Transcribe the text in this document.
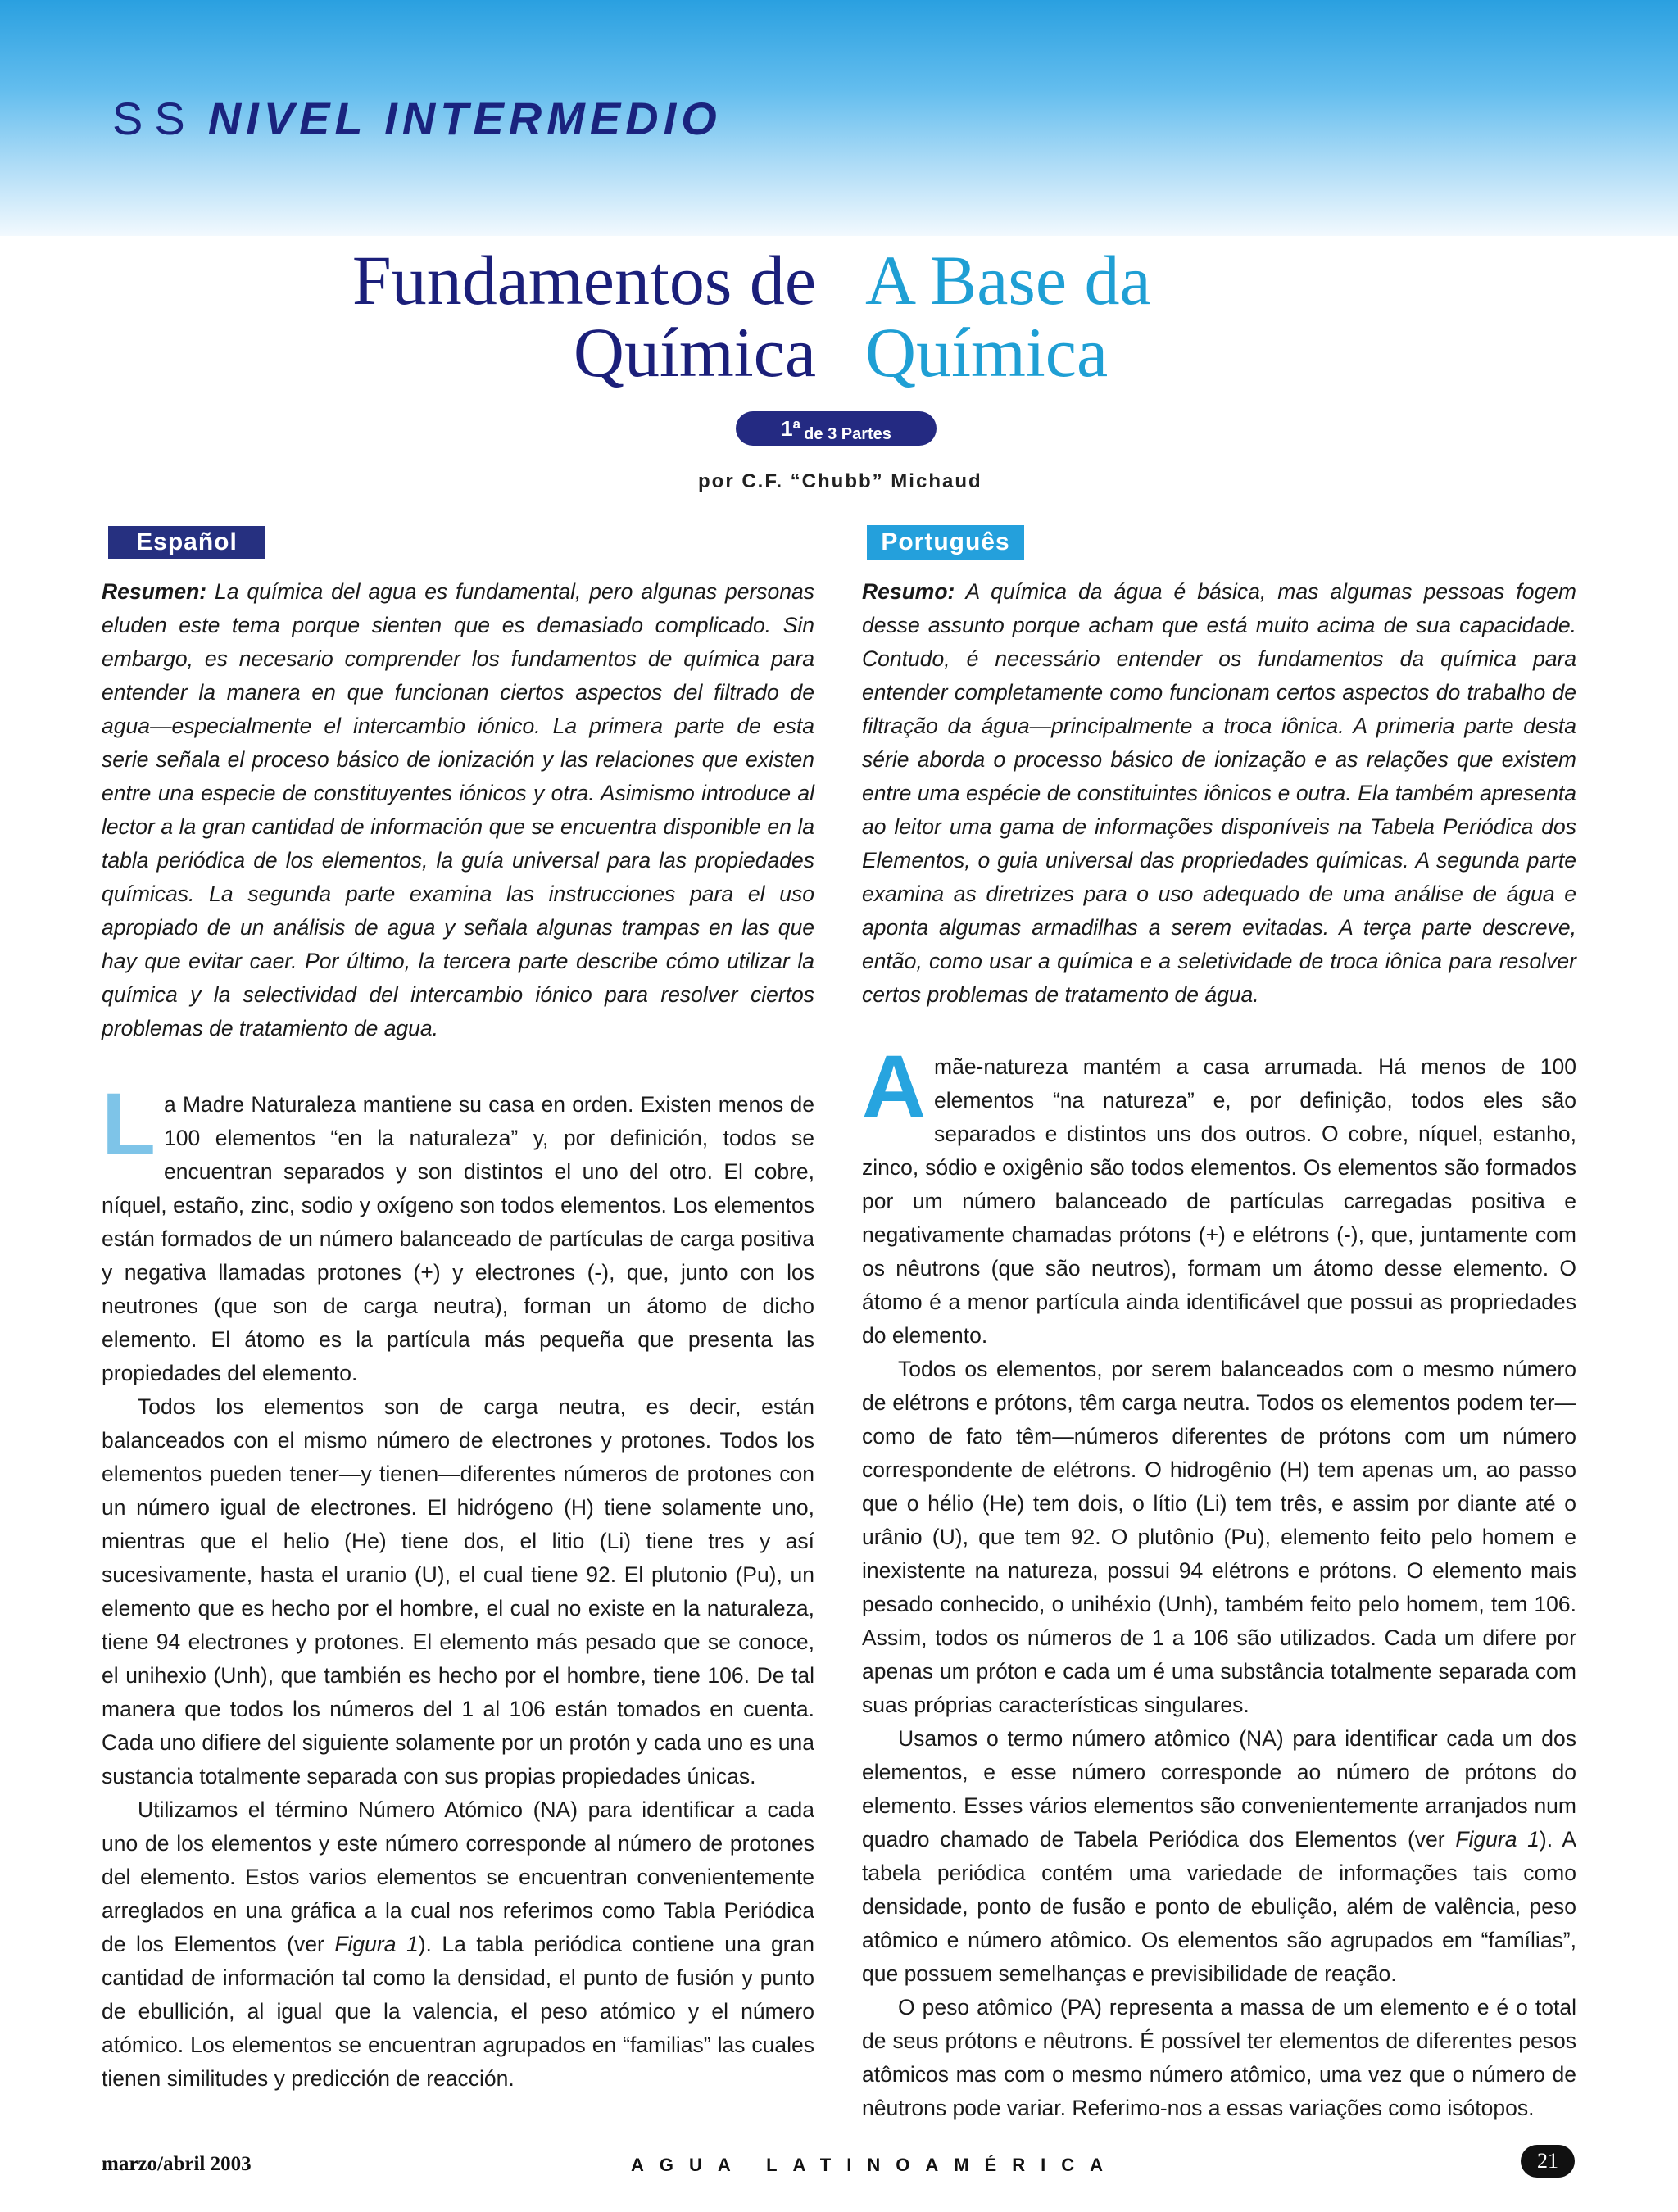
SS NIVEL INTERMEDIO
Fundamentos de
Química
A Base da
Química
1ª de 3 Partes
por C.F. “Chubb” Michaud
Español	Português

Resumen: La química del agua es fundamental, pero algunas personas eluden este tema porque sienten que es demasiado complicado. Sin embargo, es necesario comprender los fundamentos de química para entender la manera en que funcionan ciertos aspectos del filtrado de agua—especialmente el intercambio iónico. La primera parte de esta serie señala el proceso básico de ionización y las relaciones que existen entre una especie de constituyentes iónicos y otra. Asimismo introduce al lector a la gran cantidad de información que se encuentra disponible en la tabla periódica de los elementos, la guía universal para las propiedades químicas. La segunda parte examina las instrucciones para el uso apropiado de un análisis de agua y señala algunas trampas en las que hay que evitar caer. Por último, la tercera parte describe cómo utilizar la química y la selectividad del intercambio iónico para resolver ciertos problemas de tratamiento de agua.

Resumo: A química da água é básica, mas algumas pessoas fogem desse assunto porque acham que está muito acima de sua capacidade. Contudo, é necessário entender os fundamentos da química para entender completamente como funcionam certos aspectos do trabalho de filtração da água—principalmente a troca iônica. A primeria parte desta série aborda o processo básico de ionização e as relações que existem entre uma espécie de constituintes iônicos e outra. Ela também apresenta ao leitor uma gama de informações disponíveis na Tabela Periódica dos Elementos, o guia universal das propriedades químicas. A segunda parte examina as diretrizes para o uso adequado de uma análise de água e aponta algumas armadilhas a serem evitadas. A terça parte descreve, então, como usar a química e a seletividade de troca iônica para resolver certos problemas de tratamento de água.

La Madre Naturaleza mantiene su casa en orden. Existen menos de 100 elementos “en la naturaleza” y, por definición, todos se encuentran separados y son distintos el uno del otro. El cobre, níquel, estaño, zinc, sodio y oxígeno son todos elementos. Los elementos están formados de un número balanceado de partículas de carga positiva y negativa llamadas protones (+) y electrones (-), que, junto con los neutrones (que son de carga neutra), forman un átomo de dicho elemento. El átomo es la partícula más pequeña que presenta las propiedades del elemento.

Todos los elementos son de carga neutra, es decir, están balanceados con el mismo número de electrones y protones. Todos los elementos pueden tener—y tienen—diferentes números de protones con un número igual de electrones. El hidrógeno (H) tiene solamente uno, mientras que el helio (He) tiene dos, el litio (Li) tiene tres y así sucesivamente, hasta el uranio (U), el cual tiene 92. El plutonio (Pu), un elemento que es hecho por el hombre, el cual no existe en la naturaleza, tiene 94 electrones y protones. El elemento más pesado que se conoce, el unihexio (Unh), que también es hecho por el hombre, tiene 106. De tal manera que todos los números del 1 al 106 están tomados en cuenta. Cada uno difiere del siguiente solamente por un protón y cada uno es una sustancia totalmente separada con sus propias propiedades únicas.

Utilizamos el término Número Atómico (NA) para identificar a cada uno de los elementos y este número corresponde al número de protones del elemento. Estos varios elementos se encuentran convenientemente arreglados en una gráfica a la cual nos referimos como Tabla Periódica de los Elementos (ver Figura 1). La tabla periódica contiene una gran cantidad de información tal como la densidad, el punto de fusión y punto de ebullición, al igual que la valencia, el peso atómico y el número atómico. Los elementos se encuentran agrupados en “familias” las cuales tienen similitudes y predicción de reacción.

Amãe-natureza mantém a casa arrumada. Há menos de 100 elementos “na natureza” e, por definição, todos eles são separados e distintos uns dos outros. O cobre, níquel, estanho, zinco, sódio e oxigênio são todos elementos. Os elementos são formados por um número balanceado de partículas carregadas positiva e negativamente chamadas prótons (+) e elétrons (-), que, juntamente com os nêutrons (que são neutros), formam um átomo desse elemento. O átomo é a menor partícula ainda identificável que possui as propriedades do elemento.

Todos os elementos, por serem balanceados com o mesmo número de elétrons e prótons, têm carga neutra. Todos os elementos podem ter—como de fato têm—números diferentes de prótons com um número correspondente de elétrons. O hidrogênio (H) tem apenas um, ao passo que o hélio (He) tem dois, o lítio (Li) tem três, e assim por diante até o urânio (U), que tem 92. O plutônio (Pu), elemento feito pelo homem e inexistente na natureza, possui 94 elétrons e prótons. O elemento mais pesado conhecido, o unihéxio (Unh), também feito pelo homem, tem 106. Assim, todos os números de 1 a 106 são utilizados. Cada um difere por apenas um próton e cada um é uma substância totalmente separada com suas próprias características singulares.

Usamos o termo número atômico (NA) para identificar cada um dos elementos, e esse número corresponde ao número de prótons do elemento. Esses vários elementos são convenientemente arranjados num quadro chamado de Tabela Periódica dos Elementos (ver Figura 1). A tabela periódica contém uma variedade de informações tais como densidade, ponto de fusão e ponto de ebulição, além de valência, peso atômico e número atômico. Os elementos são agrupados em “famílias”, que possuem semelhanças e previsibilidade de reação.

O peso atômico (PA) representa a massa de um elemento e é o total de seus prótons e nêutrons. É possível ter elementos de diferentes pesos atômicos mas com o mesmo número atômico, uma vez que o número de nêutrons pode variar. Referimo-nos a essas variações como isótopos.

marzo/abril 2003	AGUA LATINOAMÉRICA	21
